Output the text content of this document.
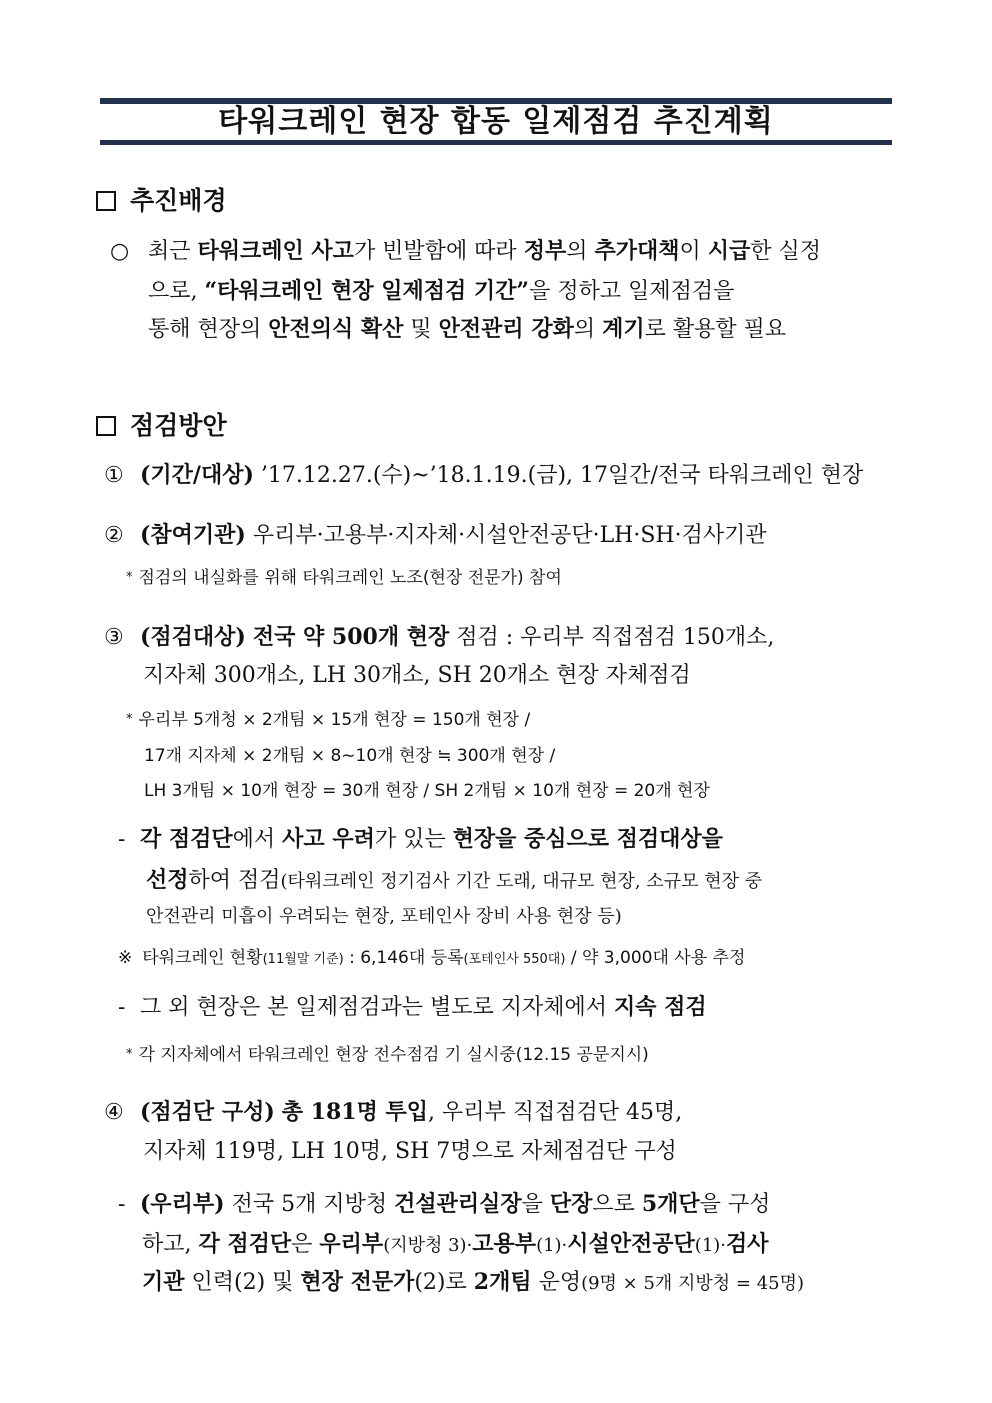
타워크레인 현장 합동 일제점검 추진계획
추진배경
○ 최근 타워크레인 사고가 빈발함에 따라 정부의 추가대책이 시급한 실정
으로, “타워크레인 현장 일제점검 기간”을 정하고 일제점검을
통해 현장의 안전의식 확산 및 안전관리 강화의 계기로 활용할 필요
점검방안
① (기간/대상) ’17.12.27.(수)~’18.1.19.(금), 17일간/전국 타워크레인 현장
② (참여기관) 우리부·고용부·지자체·시설안전공단·LH·SH·검사기관
* 점검의 내실화를 위해 타워크레인 노조(현장 전문가) 참여
③ (점검대상) 전국 약 500개 현장 점검 : 우리부 직접점검 150개소,
지자체 300개소, LH 30개소, SH 20개소 현장 자체점검
* 우리부 5개청 × 2개팀 × 15개 현장 = 150개 현장 /
17개 지자체 × 2개팀 × 8∼10개 현장 ≒ 300개 현장 /
LH 3개팀 × 10개 현장 = 30개 현장 / SH 2개팀 × 10개 현장 = 20개 현장
- 각 점검단에서 사고 우려가 있는 현장을 중심으로 점검대상을
선정하여 점검(타워크레인 정기검사 기간 도래, 대규모 현장, 소규모 현장 중
안전관리 미흡이 우려되는 현장, 포테인사 장비 사용 현장 등)
※ 타워크레인 현황(11월말 기준) : 6,146대 등록(포테인사 550대) / 약 3,000대 사용 추정
- 그 외 현장은 본 일제점검과는 별도로 지자체에서 지속 점검
* 각 지자체에서 타워크레인 현장 전수점검 기 실시중(12.15 공문지시)
④ (점검단 구성) 총 181명 투입, 우리부 직접점검단 45명,
지자체 119명, LH 10명, SH 7명으로 자체점검단 구성
- (우리부) 전국 5개 지방청 건설관리실장을 단장으로 5개단을 구성
하고, 각 점검단은 우리부(지방청 3)·고용부(1)·시설안전공단(1)·검사
기관 인력(2) 및 현장 전문가(2)로 2개팀 운영(9명 × 5개 지방청 = 45명)
